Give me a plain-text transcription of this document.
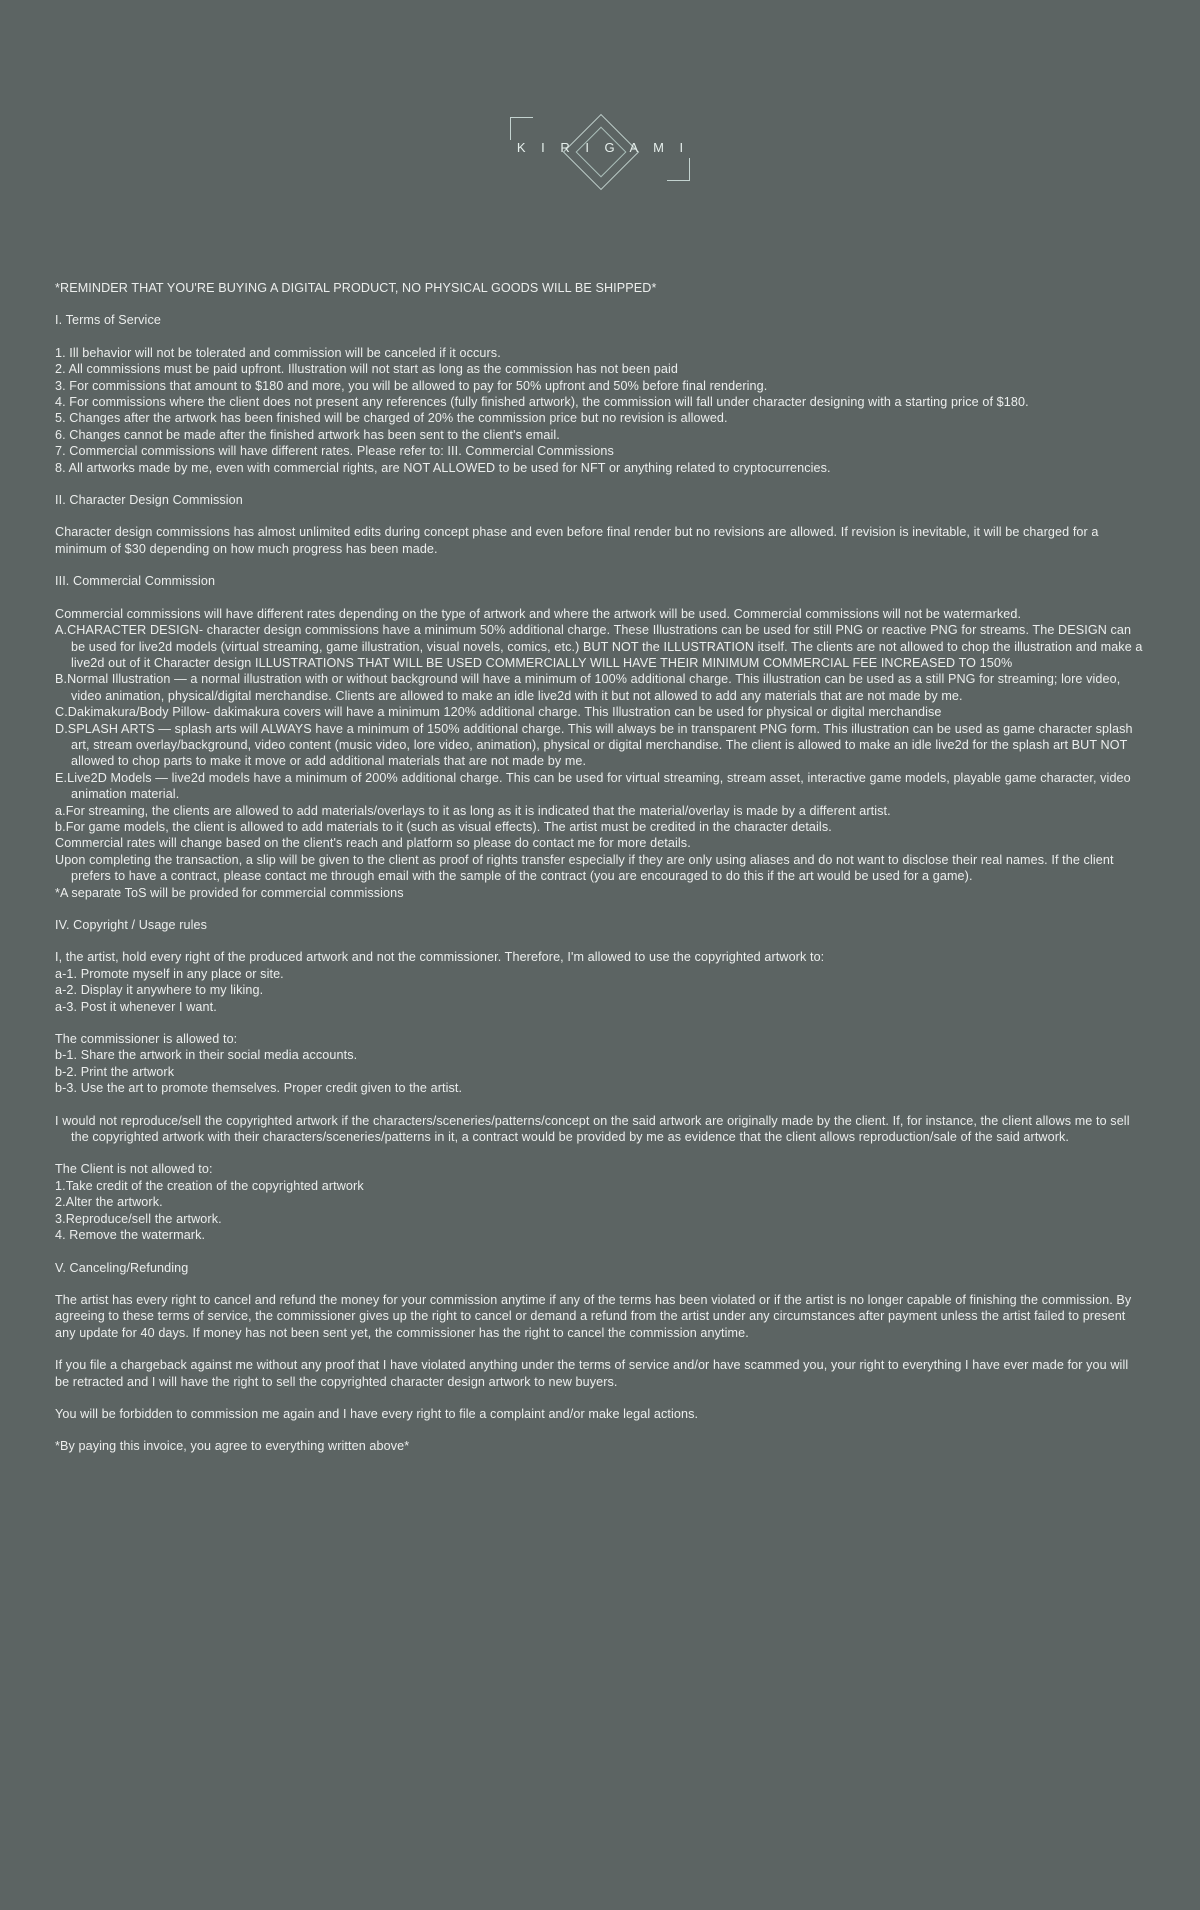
K I R I G A M I

*REMINDER THAT YOU'RE BUYING A DIGITAL PRODUCT, NO PHYSICAL GOODS WILL BE SHIPPED*

I. Terms of Service

1. Ill behavior will not be tolerated and commission will be canceled if it occurs.

2. All commissions must be paid upfront. Illustration will not start as long as the commission has not been paid

3. For commissions that amount to $180 and more, you will be allowed to pay for 50% upfront and 50% before final rendering.

4. For commissions where the client does not present any references (fully finished artwork), the commission will fall under character designing with a starting price of $180.

5. Changes after the artwork has been finished will be charged of 20% the commission price but no revision is allowed.

6. Changes cannot be made after the finished artwork has been sent to the client's email.

7. Commercial commissions will have different rates. Please refer to: III. Commercial Commissions

8. All artworks made by me, even with commercial rights, are NOT ALLOWED to be used for NFT or anything related to cryptocurrencies.

II. Character Design Commission

Character design commissions has almost unlimited edits during concept phase and even before final render but no revisions are allowed. If revision is inevitable, it will be charged for a minimum of $30 depending on how much progress has been made.

III. Commercial Commission

Commercial commissions will have different rates depending on the type of artwork and where the artwork will be used. Commercial commissions will not be watermarked.

A.CHARACTER DESIGN- character design commissions have a minimum 50% additional charge. These Illustrations can be used for still PNG or reactive PNG for streams. The DESIGN can be used for live2d models (virtual streaming, game illustration, visual novels, comics, etc.) BUT NOT the ILLUSTRATION itself. The clients are not allowed to chop the illustration and make a live2d out of it Character design ILLUSTRATIONS THAT WILL BE USED COMMERCIALLY WILL HAVE THEIR MINIMUM COMMERCIAL FEE INCREASED TO 150%

B.Normal Illustration — a normal illustration with or without background will have a minimum of 100% additional charge. This illustration can be used as a still PNG for streaming; lore video, video animation, physical/digital merchandise. Clients are allowed to make an idle live2d with it but not allowed to add any materials that are not made by me.

C.Dakimakura/Body Pillow- dakimakura covers will have a minimum 120% additional charge. This Illustration can be used for physical or digital merchandise

D.SPLASH ARTS — splash arts will ALWAYS have a minimum of 150% additional charge. This will always be in transparent PNG form. This illustration can be used as game character splash art, stream overlay/background, video content (music video, lore video, animation), physical or digital merchandise. The client is allowed to make an idle live2d for the splash art BUT NOT allowed to chop parts to make it move or add additional materials that are not made by me.

E.Live2D Models — live2d models have a minimum of 200% additional charge. This can be used for virtual streaming, stream asset, interactive game models, playable game character, video animation material.

a.For streaming, the clients are allowed to add materials/overlays to it as long as it is indicated that the material/overlay is made by a different artist.

b.For game models, the client is allowed to add materials to it (such as visual effects). The artist must be credited in the character details.

Commercial rates will change based on the client's reach and platform so please do contact me for more details.

Upon completing the transaction, a slip will be given to the client as proof of rights transfer especially if they are only using aliases and do not want to disclose their real names. If the client prefers to have a contract, please contact me through email with the sample of the contract (you are encouraged to do this if the art would be used for a game).

*A separate ToS will be provided for commercial commissions

IV. Copyright / Usage rules

I, the artist, hold every right of the produced artwork and not the commissioner. Therefore, I'm allowed to use the copyrighted artwork to:

a-1. Promote myself in any place or site.

a-2. Display it anywhere to my liking.

a-3. Post it whenever I want.

The commissioner is allowed to:

b-1. Share the artwork in their social media accounts.

b-2. Print the artwork

b-3. Use the art to promote themselves. Proper credit given to the artist.

I would not reproduce/sell the copyrighted artwork if the characters/sceneries/patterns/concept on the said artwork are originally made by the client. If, for instance, the client allows me to sell the copyrighted artwork with their characters/sceneries/patterns in it, a contract would be provided by me as evidence that the client allows reproduction/sale of the said artwork.

The Client is not allowed to:

1.Take credit of the creation of the copyrighted artwork

2.Alter the artwork.

3.Reproduce/sell the artwork.

4. Remove the watermark.

V. Canceling/Refunding

The artist has every right to cancel and refund the money for your commission anytime if any of the terms has been violated or if the artist is no longer capable of finishing the commission. By agreeing to these terms of service, the commissioner gives up the right to cancel or demand a refund from the artist under any circumstances after payment unless the artist failed to present any update for 40 days. If money has not been sent yet, the commissioner has the right to cancel the commission anytime.

If you file a chargeback against me without any proof that I have violated anything under the terms of service and/or have scammed you, your right to everything I have ever made for you will be retracted and I will have the right to sell the copyrighted character design artwork to new buyers.

You will be forbidden to commission me again and I have every right to file a complaint and/or make legal actions.

*By paying this invoice, you agree to everything written above*
